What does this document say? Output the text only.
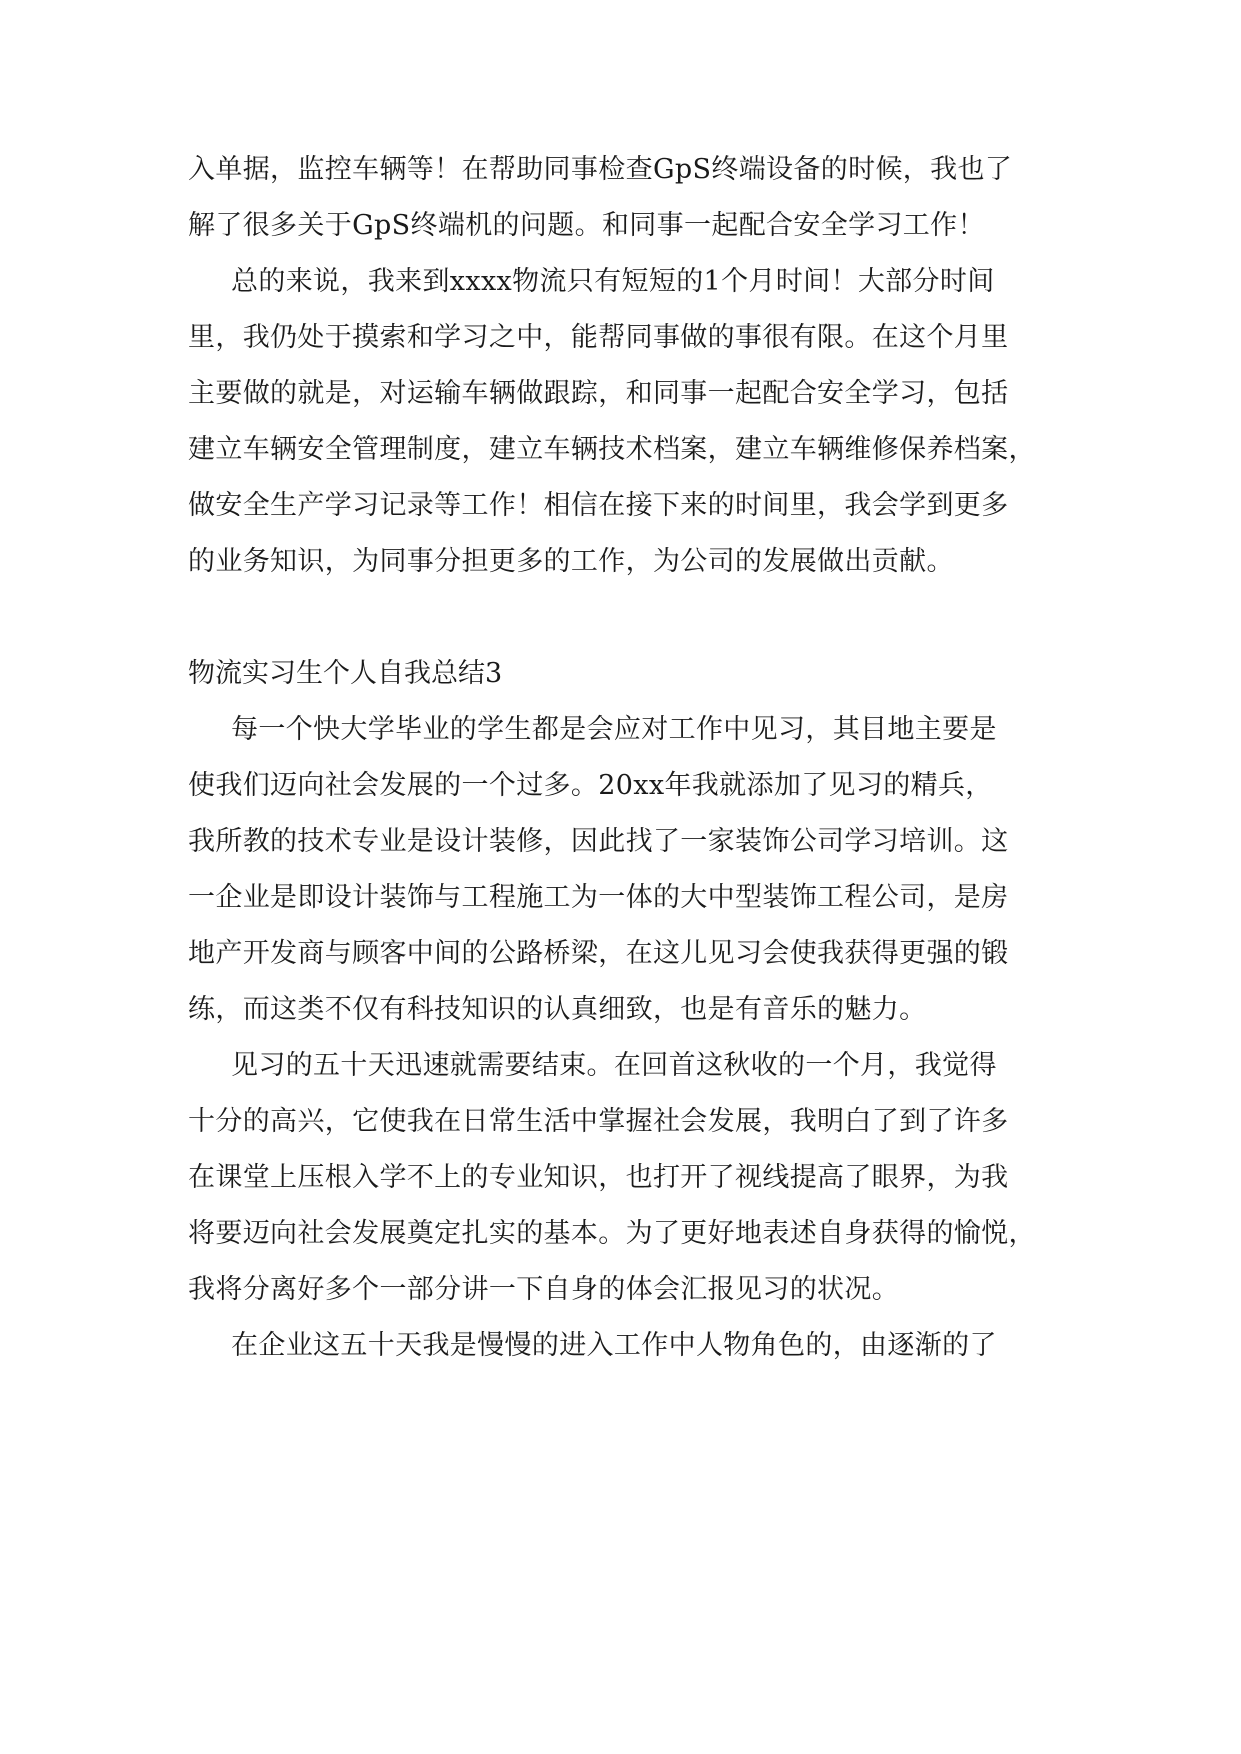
入单据，监控车辆等！在帮助同事检查GpS终端设备的时候，我也了
解了很多关于GpS终端机的问题。和同事一起配合安全学习工作！
总的来说，我来到xxxx物流只有短短的1个月时间！大部分时间
里，我仍处于摸索和学习之中，能帮同事做的事很有限。在这个月里
主要做的就是，对运输车辆做跟踪，和同事一起配合安全学习，包括
建立车辆安全管理制度，建立车辆技术档案，建立车辆维修保养档案，
做安全生产学习记录等工作！相信在接下来的时间里，我会学到更多
的业务知识，为同事分担更多的工作，为公司的发展做出贡献。
物流实习生个人自我总结3
每一个快大学毕业的学生都是会应对工作中见习，其目地主要是
使我们迈向社会发展的一个过多。20xx年我就添加了见习的精兵，
我所教的技术专业是设计装修，因此找了一家装饰公司学习培训。这
一企业是即设计装饰与工程施工为一体的大中型装饰工程公司，是房
地产开发商与顾客中间的公路桥梁，在这儿见习会使我获得更强的锻
练，而这类不仅有科技知识的认真细致，也是有音乐的魅力。
见习的五十天迅速就需要结束。在回首这秋收的一个月，我觉得
十分的高兴，它使我在日常生活中掌握社会发展，我明白了到了许多
在课堂上压根入学不上的专业知识，也打开了视线提高了眼界，为我
将要迈向社会发展奠定扎实的基本。为了更好地表述自身获得的愉悦，
我将分离好多个一部分讲一下自身的体会汇报见习的状况。
在企业这五十天我是慢慢的进入工作中人物角色的，由逐渐的了
